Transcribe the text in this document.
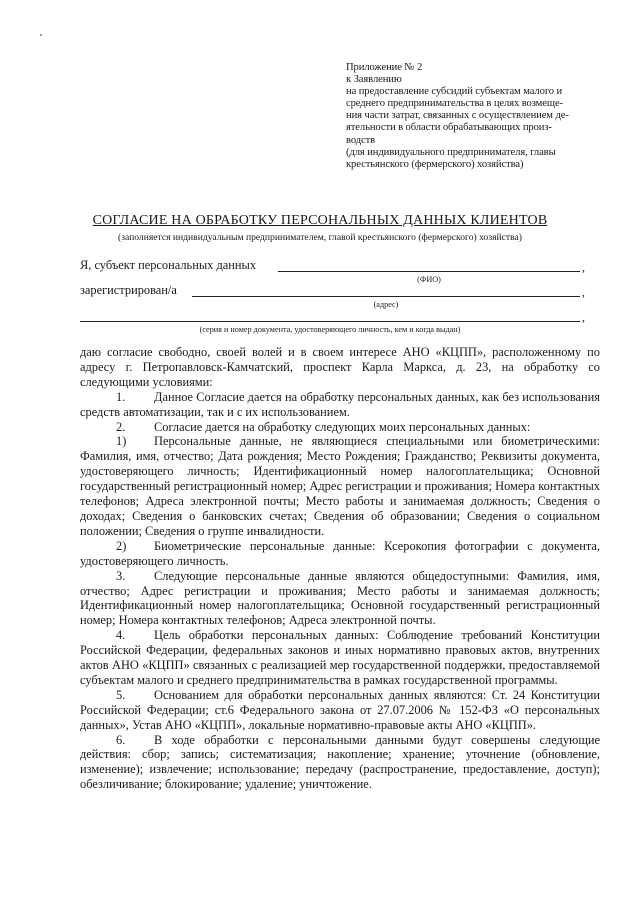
Приложение № 2
к Заявлению
на предоставление субсидий субъектам малого и
среднего предпринимательства в целях возмеще-
ния части затрат, связанных с осуществлением де-
ятельности в области обрабатывающих произ-
водств
(для индивидуального предпринимателя, главы
крестьянского (фермерского) хозяйства)
СОГЛАСИЕ НА ОБРАБОТКУ ПЕРСОНАЛЬНЫХ ДАННЫХ КЛИЕНТОВ
(заполняется индивидуальным предпринимателем, главой крестьянского (фермерского) хозяйства)
Я, субъект персональных данных	,
(ФИО)
зарегистрирован/а	,
(адрес)
,
(серия и номер документа, удостоверяющего личность, кем и когда выдан)

даю согласие свободно, своей волей и в своем интересе АНО «КЦПП», расположенному по адресу г. Петропавловск-Камчатский, проспект Карла Маркса, д. 23, на обработку со следующими условиями:

1. Данное Согласие дается на обработку персональных данных, как без использования средств автоматизации, так и с их использованием.

2. Согласие дается на обработку следующих моих персональных данных:

1) Персональные данные, не являющиеся специальными или биометрическими: Фамилия, имя, отчество; Дата рождения; Место Рождения; Гражданство; Реквизиты документа, удостоверяющего личность; Идентификационный номер налогоплательщика; Основной государственный регистрационный номер; Адрес регистрации и проживания; Номера контактных телефонов; Адреса электронной почты; Место работы и занимаемая должность; Сведения о доходах; Сведения о банковских счетах; Сведения об образовании; Сведения о социальном положении; Сведения о группе инвалидности.

2) Биометрические персональные данные: Ксерокопия фотографии с документа, удостоверяющего личность.

3. Следующие персональные данные являются общедоступными: Фамилия, имя, отчество; Адрес регистрации и проживания; Место работы и занимаемая должность; Идентификационный номер налогоплательщика; Основной государственный регистрационный номер; Номера контактных телефонов; Адреса электронной почты.

4. Цель обработки персональных данных: Соблюдение требований Конституции Российской Федерации, федеральных законов и иных нормативно правовых актов, внутренних актов АНО «КЦПП» связанных с реализацией мер государственной поддержки, предоставляемой субъектам малого и среднего предпринимательства в рамках государственной программы.

5. Основанием для обработки персональных данных являются: Ст. 24 Конституции Российской Федерации; ст.6 Федерального закона от 27.07.2006 № 152-ФЗ «О персональных данных», Устав АНО «КЦПП», локальные нормативно-правовые акты АНО «КЦПП».

6. В ходе обработки с персональными данными будут совершены следующие действия: сбор; запись; систематизация; накопление; хранение; уточнение (обновление, изменение); извлечение; использование; передачу (распространение, предоставление, доступ); обезличивание; блокирование; удаление; уничтожение.
